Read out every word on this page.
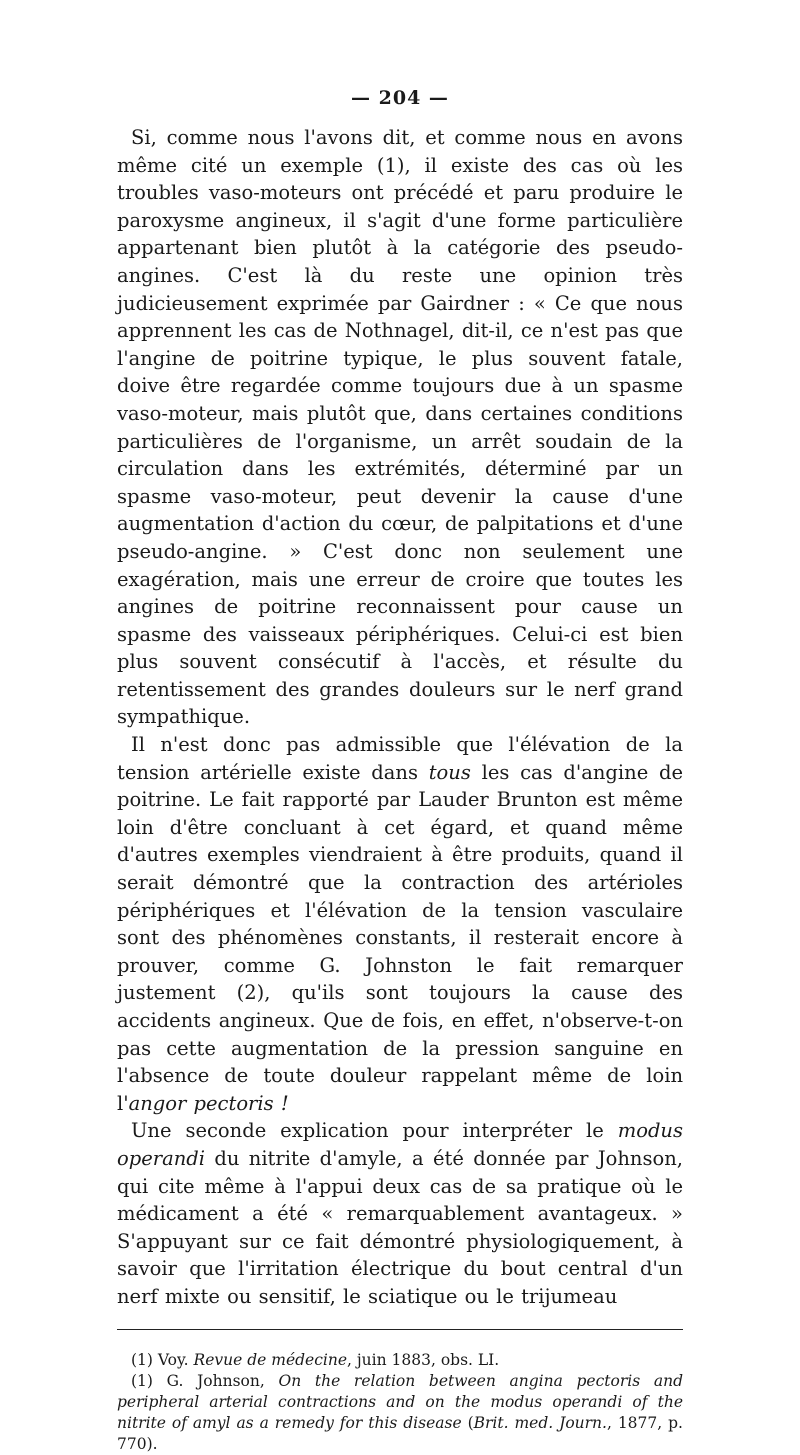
— 204 —

Si, comme nous l'avons dit, et comme nous en avons même cité un exemple (1), il existe des cas où les troubles vaso-moteurs ont précédé et paru produire le paroxysme angineux, il s'agit d'une forme particulière appartenant bien plutôt à la catégorie des pseudo-angines. C'est là du reste une opinion très judicieusement exprimée par Gairdner : « Ce que nous apprennent les cas de Nothnagel, dit-il, ce n'est pas que l'angine de poitrine typique, le plus souvent fatale, doive être regardée comme toujours due à un spasme vaso-moteur, mais plutôt que, dans certaines conditions particulières de l'organisme, un arrêt soudain de la circulation dans les extrémités, déterminé par un spasme vaso-moteur, peut devenir la cause d'une augmentation d'action du cœur, de palpitations et d'une pseudo-angine. » C'est donc non seulement une exagération, mais une erreur de croire que toutes les angines de poitrine reconnaissent pour cause un spasme des vaisseaux périphériques. Celui-ci est bien plus souvent consécutif à l'accès, et résulte du retentissement des grandes douleurs sur le nerf grand sympathique.

Il n'est donc pas admissible que l'élévation de la tension artérielle existe dans tous les cas d'angine de poitrine. Le fait rapporté par Lauder Brunton est même loin d'être concluant à cet égard, et quand même d'autres exemples viendraient à être produits, quand il serait démontré que la contraction des artérioles périphériques et l'élévation de la tension vasculaire sont des phénomènes constants, il resterait encore à prouver, comme G. Johnston le fait remarquer justement (2), qu'ils sont toujours la cause des accidents angineux. Que de fois, en effet, n'observe-t-on pas cette augmentation de la pression sanguine en l'absence de toute douleur rappelant même de loin l'angor pectoris !

Une seconde explication pour interpréter le modus operandi du nitrite d'amyle, a été donnée par Johnson, qui cite même à l'appui deux cas de sa pratique où le médicament a été « remarquablement avantageux. » S'appuyant sur ce fait démontré physiologiquement, à savoir que l'irritation électrique du bout central d'un nerf mixte ou sensitif, le sciatique ou le trijumeau

(1) Voy. Revue de médecine, juin 1883, obs. LI.

(1) G. Johnson, On the relation between angina pectoris and peripheral arterial contractions and on the modus operandi of the nitrite of amyl as a remedy for this disease (Brit. med. Journ., 1877, p. 770).
